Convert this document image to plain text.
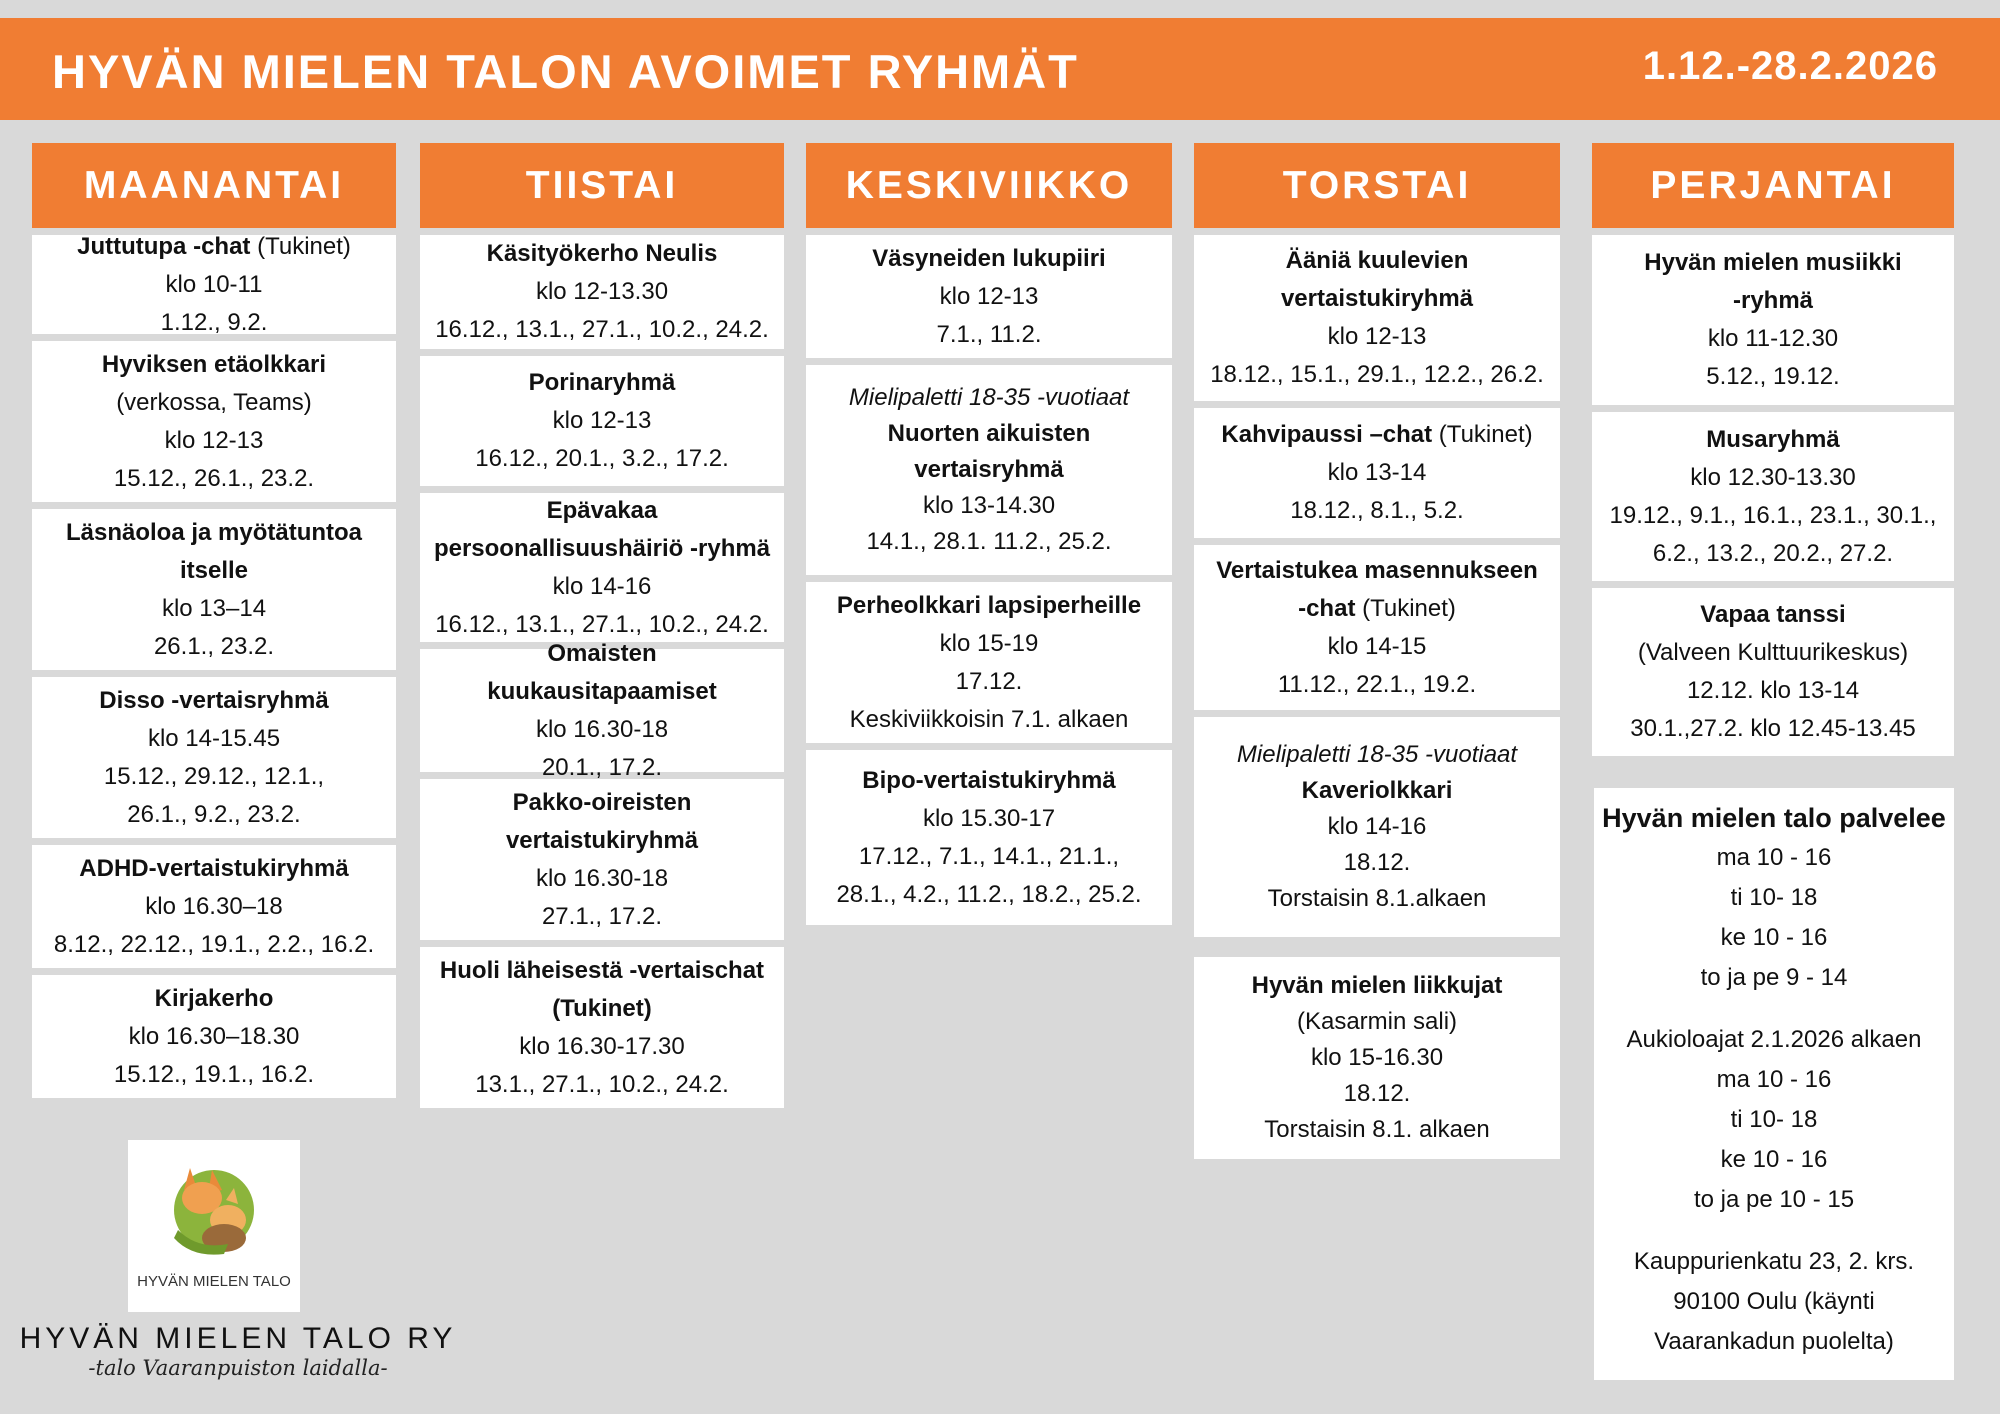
HYVÄN MIELEN TALON AVOIMET RYHMÄT	1.12.-28.2.2026
MAANANTAI
Juttutupa -chat (Tukinet)
klo 10-11
1.12., 9.2.
Hyviksen etäolkkari
(verkossa, Teams)
klo 12-13
15.12., 26.1., 23.2.
Läsnäoloa ja myötätuntoa
itselle
klo 13–14
26.1., 23.2.
Disso -vertaisryhmä
klo 14-15.45
15.12., 29.12., 12.1.,
26.1., 9.2., 23.2.
ADHD-vertaistukiryhmä
klo 16.30–18
8.12., 22.12., 19.1., 2.2., 16.2.
Kirjakerho
klo 16.30–18.30
15.12., 19.1., 16.2.
TIISTAI
Käsityökerho Neulis
klo 12-13.30
16.12., 13.1., 27.1., 10.2., 24.2.
Porinaryhmä
klo 12-13
16.12., 20.1., 3.2., 17.2.
Epävakaa
persoonallisuushäiriö -ryhmä
klo 14-16
16.12., 13.1., 27.1., 10.2., 24.2.
Omaisten kuukausitapaamiset
klo 16.30-18
20.1., 17.2.
Pakko-oireisten
vertaistukiryhmä
klo 16.30-18
27.1., 17.2.
Huoli läheisestä -vertaischat
(Tukinet)
klo 16.30-17.30
13.1., 27.1., 10.2., 24.2.
KESKIVIIKKO
Väsyneiden lukupiiri
klo 12-13
7.1., 11.2.
Mielipaletti 18-35 -vuotiaat
Nuorten aikuisten
vertaisryhmä
klo 13-14.30
14.1., 28.1. 11.2., 25.2.
Perheolkkari lapsiperheille
klo 15-19
17.12.
Keskiviikkoisin 7.1. alkaen
Bipo-vertaistukiryhmä
klo 15.30-17
17.12., 7.1., 14.1., 21.1.,
28.1., 4.2., 11.2., 18.2., 25.2.
TORSTAI
Ääniä kuulevien
vertaistukiryhmä
klo 12-13
18.12., 15.1., 29.1., 12.2., 26.2.
Kahvipaussi –chat (Tukinet)
klo 13-14
18.12., 8.1., 5.2.
Vertaistukea masennukseen
-chat (Tukinet)
klo 14-15
11.12., 22.1., 19.2.
Mielipaletti 18-35 -vuotiaat
Kaveriolkkari
klo 14-16
18.12.
Torstaisin 8.1.alkaen
Hyvän mielen liikkujat
(Kasarmin sali)
klo 15-16.30
18.12.
Torstaisin 8.1. alkaen
PERJANTAI
Hyvän mielen musiikki
-ryhmä
klo 11-12.30
5.12., 19.12.
Musaryhmä
klo 12.30-13.30
19.12., 9.1., 16.1., 23.1., 30.1.,
6.2., 13.2., 20.2., 27.2.
Vapaa tanssi
(Valveen Kulttuurikeskus)
12.12. klo 13-14
30.1.,27.2. klo 12.45-13.45
Hyvän mielen talo palvelee
ma 10 - 16
ti 10- 18
ke 10 - 16
to ja pe 9 - 14
Aukioloajat 2.1.2026 alkaen
ma 10 - 16
ti 10- 18
ke 10 - 16
to ja pe 10 - 15
Kauppurienkatu 23, 2. krs.
90100 Oulu (käynti
Vaarankadun puolelta)
HYVÄN MIELEN TALO
HYVÄN MIELEN TALO RY
-talo Vaaranpuiston laidalla-
